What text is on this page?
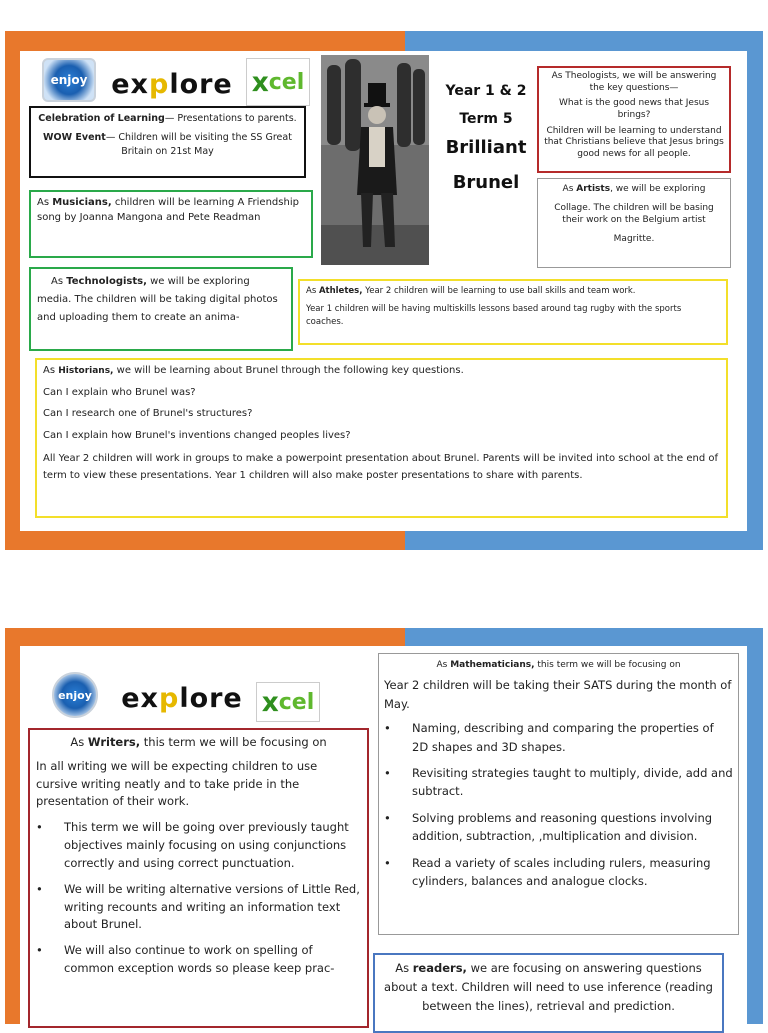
enjoy ex p lore x cel

Celebration of Learning— Presentations to parents.

WOW Event— Children will be visiting the SS Great Britain on 21st May

Year 1 & 2

Term 5

Brilliant

Brunel

As Theologists, we will be answering the key questions—

What is the good news that Jesus brings?

Children will be learning to understand that Christians believe that Jesus brings good news for all people.

As Musicians, children will be learning A Friendship song by Joanna Mangona and Pete Readman

As Artists, we will be exploring

Collage. The children will be basing their work on the Belgium artist

Magritte.

As Technologists, we will be exploring media. The children will be taking digital photos and uploading them to create an anima-

As Athletes, Year 2 children will be learning to use ball skills and team work.

Year 1 children will be having multiskills lessons based around tag rugby with the sports coaches.

As Historians, we will be learning about Brunel through the following key questions.

Can I explain who Brunel was?

Can I research one of Brunel's structures?

Can I explain how Brunel's inventions changed peoples lives?

All Year 2 children will work in groups to make a powerpoint presentation about Brunel. Parents will be invited into school at the end of term to view these presentations. Year 1 children will also make poster presentations to share with parents.

enjoy ex p lore x cel

As Writers, this term we will be focusing on

In all writing we will be expecting children to use cursive writing neatly and to take pride in the presentation of their work.

• This term we will be going over previously taught objectives mainly focusing on using conjunctions correctly and using correct punctuation.
• We will be writing alternative versions of Little Red, writing recounts and writing an information text about Brunel.
• We will also continue to work on spelling of common exception words so please keep prac-

As Mathematicians, this term we will be focusing on

Year 2 children will be taking their SATS during the month of May.

• Naming, describing and comparing the properties of 2D shapes and 3D shapes.
• Revisiting strategies taught to multiply, divide, add and subtract.
• Solving problems and reasoning questions involving addition, subtraction, ,multiplication and division.
• Read a variety of scales including rulers, measuring cylinders, balances and analogue clocks.

As readers, we are focusing on answering questions about a text. Children will need to use inference (reading between the lines), retrieval and prediction.
